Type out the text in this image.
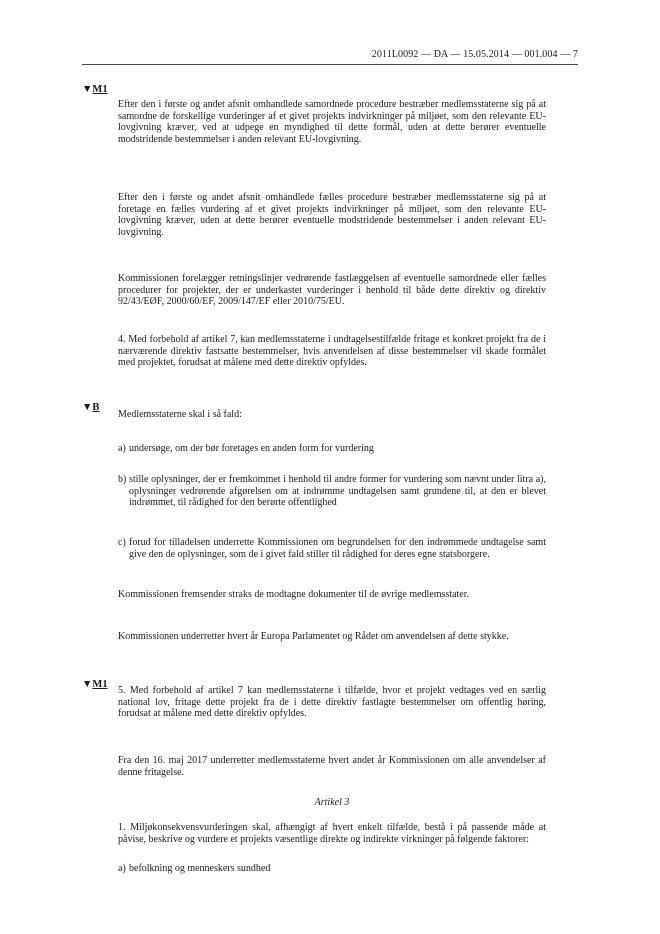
2011L0092 — DA — 15.05.2014 — 001.004 — 7
▼M1

Efter den i første og andet afsnit omhandlede samordnede procedure bestræber medlemsstaterne sig på at samordne de forskellige vurderinger af et givet projekts indvirkninger på miljøet, som den relevante EU-lovgivning kræver, ved at udpege en myndighed til dette formål, uden at dette berører eventuelle modstridende bestemmelser i anden relevant EU-lovgivning.

Efter den i første og andet afsnit omhandlede fælles procedure bestræber medlemsstaterne sig på at foretage en fælles vurdering af et givet projekts indvirkninger på miljøet, som den relevante EU-lovgivning kræver, uden at dette berører eventuelle modstridende bestemmelser i anden relevant EU-lovgivning.

Kommissionen forelægger retningslinjer vedrørende fastlæggelsen af eventuelle samordnede eller fælles procedurer for projekter, der er underkastet vurderinger i henhold til både dette direktiv og direktiv 92/43/EØF, 2000/60/EF, 2009/147/EF eller 2010/75/EU.

4. Med forbehold af artikel 7, kan medlemsstaterne i undtagelsestilfælde fritage et konkret projekt fra de i nærværende direktiv fastsatte bestemmelser, hvis anvendelsen af disse bestemmelser vil skade formålet med projektet, forudsat at målene med dette direktiv opfyldes.

▼B

Medlemsstaterne skal i så fald:

a) undersøge, om der bør foretages en anden form for vurdering
b) stille oplysninger, der er fremkommet i henhold til andre former for vurdering som nævnt under litra a), oplysninger vedrørende afgørelsen om at indrømme undtagelsen samt grundene til, at den er blevet indrømmet, til rådighed for den berørte offentlighed
c) forud for tilladelsen underrette Kommissionen om begrundelsen for den indrømmede undtagelse samt give den de oplysninger, som de i givet fald stiller til rådighed for deres egne statsborgere.

Kommissionen fremsender straks de modtagne dokumenter til de øvrige medlemsstater.

Kommissionen underretter hvert år Europa Parlamentet og Rådet om anvendelsen af dette stykke.

▼M1

5. Med forbehold af artikel 7 kan medlemsstaterne i tilfælde, hvor et projekt vedtages ved en særlig national lov, fritage dette projekt fra de i dette direktiv fastlagte bestemmelser om offentlig høring, forudsat at målene med dette direktiv opfyldes.

Fra den 16. maj 2017 underretter medlemsstaterne hvert andet år Kommissionen om alle anvendelser af denne fritagelse.

Artikel 3

1. Miljøkonsekvensvurderingen skal, afhængigt af hvert enkelt tilfælde, bestå i på passende måde at påvise, beskrive og vurdere et projekts væsentlige direkte og indirekte virkninger på følgende faktorer:

a) befolkning og menneskers sundhed
